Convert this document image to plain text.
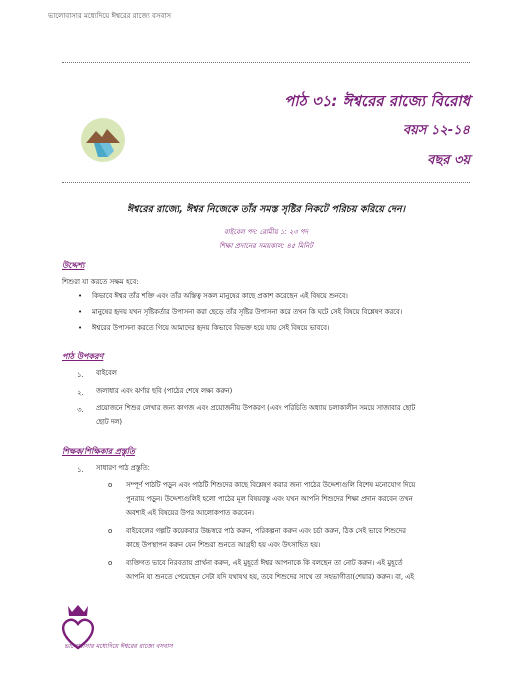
ভালোবাসার মধ্যেদিয়ে ঈশ্বরের রাজ্যে বসবাস
পাঠ ৩১: ঈশ্বরের রাজ্যে বিরোধ
বয়স ১২-১৪
বছর ৩য়
ঈশ্বরের রাজ্যে, ঈশ্বর নিজেকে তাঁর সমস্ত সৃষ্টির নিকটে পরিচয় করিয়ে দেন।
বাইবেল পদ: রোমীয় ১: ২৩ পদ
শিক্ষা প্রদানের সময়কাল: ৪৫ মিনিট
উদ্দেশ্য
শিশুরা যা করতে সক্ষম হবে:
• কিভাবে ঈশ্বর তাঁর শক্তি এবং তাঁর অস্তিত্ব সকল মানুষের কাছে প্রকাশ করেছেন এই বিষয়ে শুনবে।
• মানুষের হৃদয় যখন সৃষ্টিকর্তার উপাসনা করা ছেড়ে তাঁর সৃষ্টির উপাসনা করে তখন কি ঘটে সেই বিষয়ে বিশ্লেষণ করবে।
• ঈশ্বরের উপাসনা করতে গিয়ে আমাদের হৃদয় কিভাবে বিভক্ত হয়ে যায় সেই বিষয়ে ভাববে।
পাঠ উপকরণ
১. বাইবেল
২. জলাধার এবং ঝর্ণার ছবি (পাঠের শেষে লক্ষ্য করুন)
৩. প্রয়োজনে শিশুর লেখার জন্য কাগজ এবং প্রয়োজনীয় উপকরণ (এবং পরিচিতি অধ্যায় চলাকালীন সময়ে সাজাবার ছোট
ছোট দল)
শিক্ষক/শিক্ষিকার প্রস্তুতি
১. সাধারণ পাঠ প্রস্তুতি:
o সম্পূর্ণ পাঠটি পড়ুন এবং পাঠটি শিশুদের কাছে বিশ্লেষণ করার জন্য পাঠের উদ্দেশ্যগুলি বিশেষ মনোযোগ দিয়ে
পুনরায় পড়ুন। উদ্দেশ্যগুলিই হলো পাঠের মূল বিষয়বস্তু এবং যখন আপনি শিশুদের শিক্ষা প্রদান করবেন তখন
অবশ্যই এই বিষয়ের উপর আলোকপাত করবেন।
o বাইবেলের গল্পটি কয়েকবার উচ্চস্বরে পাঠ করুন, পরিকল্পনা করুন এবং চর্চা করুন, ঠিক সেই ভাবে শিশুদের
কাছে উপস্থাপন করুন যেন শিশুরা শুনতে আগ্রহী হয় এবং উৎসাহিত হয়।
o ব্যক্তিগত ভাবে নিরবতায় প্রার্থনা করুন, এই মুহূর্তে ঈশ্বর আপনাকে কি বলছেন তা নোট করুন। এই মুহূর্তে
আপনি যা শুনতে পেয়েছেন সেটা যদি যথাযথ হয়, তবে শিশুদের সাথে তা সহভাগীতা(শেয়ার) করুন। বা, এই
ভালোবাসার মধ্যেদিয়ে ঈশ্বরের রাজ্যে বসবাস
